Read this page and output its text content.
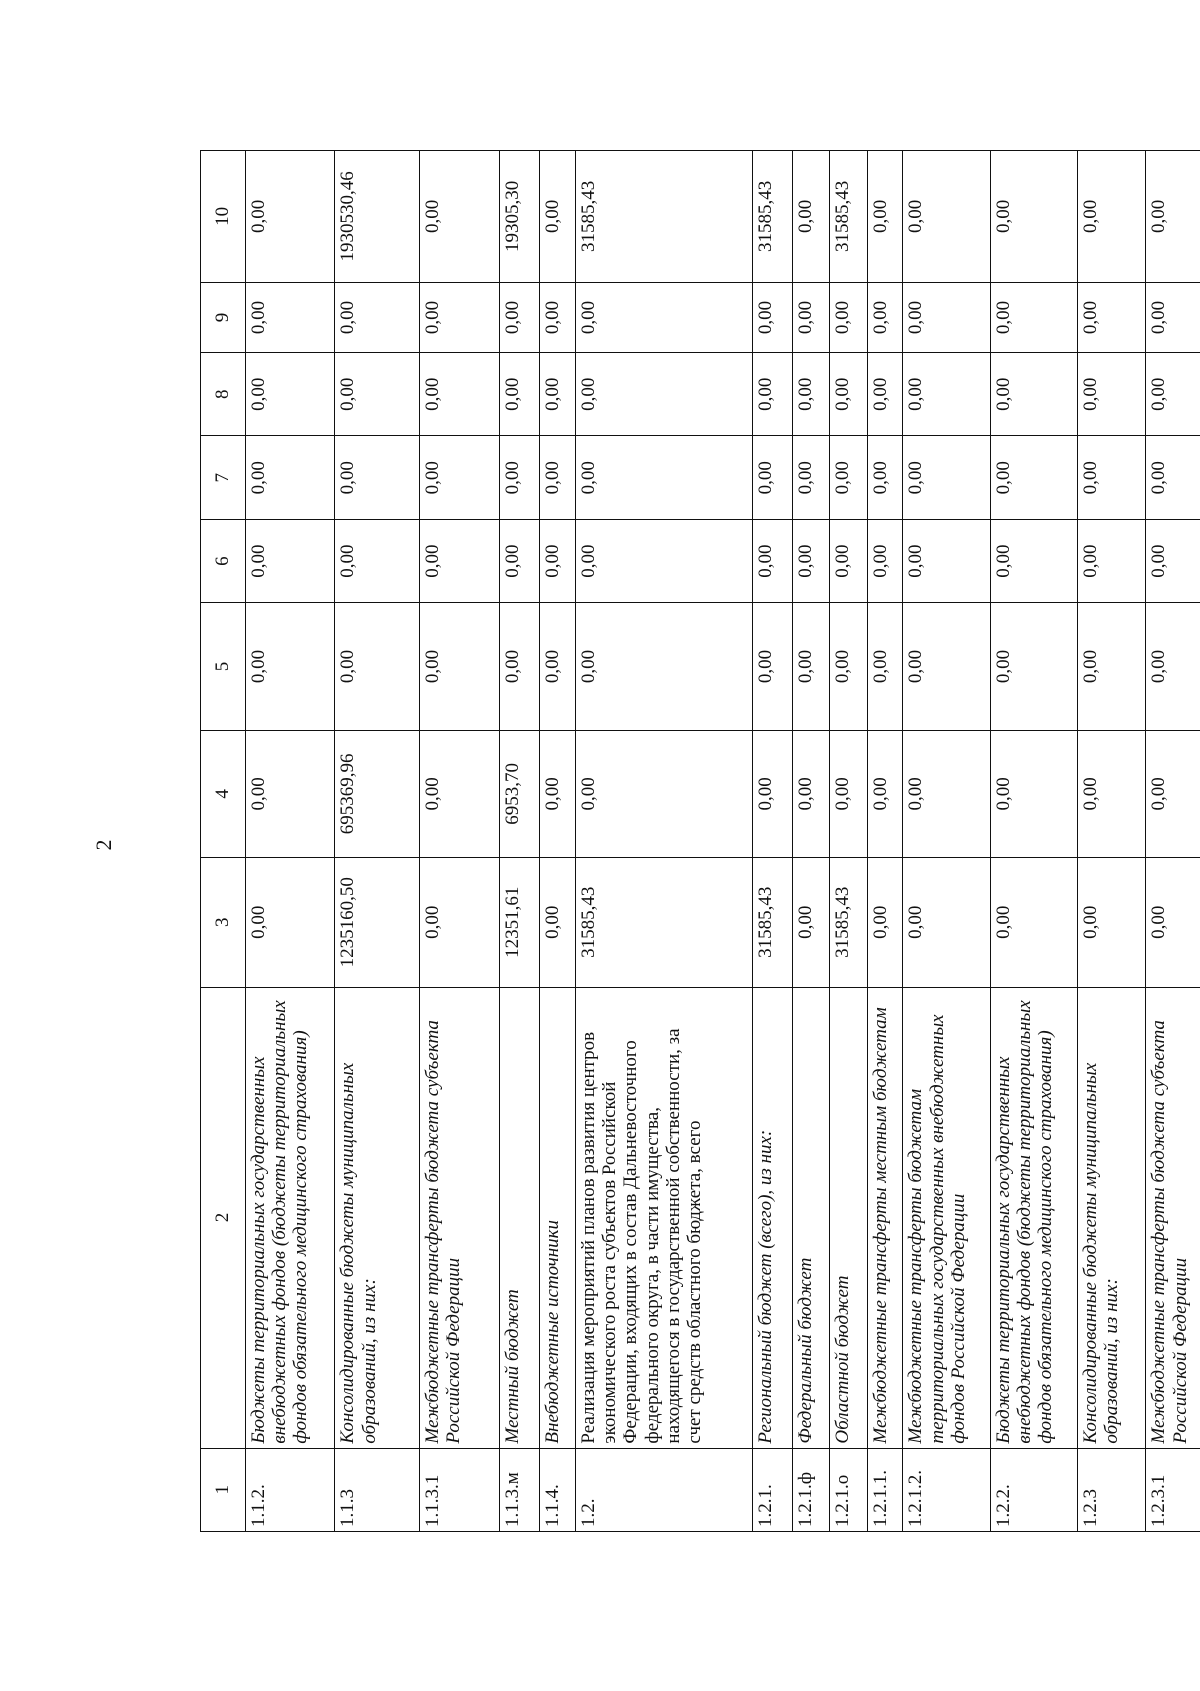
2
1	2	3	4	5	6	7	8	9	10
1.1.2.	Бюджеты территориальных государственных внебюджетных фондов (бюджеты территориальных фондов обязательного медицинского страхования)	0,00	0,00	0,00	0,00	0,00	0,00	0,00	0,00
1.1.3	Консолидированные бюджеты муниципальных образований, из них:	1235160,50	695369,96	0,00	0,00	0,00	0,00	0,00	1930530,46
1.1.3.1	Межбюджетные трансферты бюджета субъекта Российской Федерации	0,00	0,00	0,00	0,00	0,00	0,00	0,00	0,00
1.1.3.м	Местный бюджет	12351,61	6953,70	0,00	0,00	0,00	0,00	0,00	19305,30
1.1.4.	Внебюджетные источники	0,00	0,00	0,00	0,00	0,00	0,00	0,00	0,00
1.2.	Реализация мероприятий планов развития центров экономического роста субъектов Российской Федерации, входящих в состав Дальневосточного федерального округа, в части имущества, находящегося в государственной собственности, за счет средств областного бюджета, всего	31585,43	0,00	0,00	0,00	0,00	0,00	0,00	31585,43
1.2.1.	Региональный бюджет (всего), из них:	31585,43	0,00	0,00	0,00	0,00	0,00	0,00	31585,43
1.2.1.ф	Федеральный бюджет	0,00	0,00	0,00	0,00	0,00	0,00	0,00	0,00
1.2.1.о	Областной бюджет	31585,43	0,00	0,00	0,00	0,00	0,00	0,00	31585,43
1.2.1.1.	Межбюджетные трансферты местным бюджетам	0,00	0,00	0,00	0,00	0,00	0,00	0,00	0,00
1.2.1.2.	Межбюджетные трансферты бюджетам территориальных государственных внебюджетных фондов Российской Федерации	0,00	0,00	0,00	0,00	0,00	0,00	0,00	0,00
1.2.2.	Бюджеты территориальных государственных внебюджетных фондов (бюджеты территориальных фондов обязательного медицинского страхования)	0,00	0,00	0,00	0,00	0,00	0,00	0,00	0,00
1.2.3	Консолидированные бюджеты муниципальных образований, из них:	0,00	0,00	0,00	0,00	0,00	0,00	0,00	0,00
1.2.3.1	Межбюджетные трансферты бюджета субъекта Российской Федерации	0,00	0,00	0,00	0,00	0,00	0,00	0,00	0,00
